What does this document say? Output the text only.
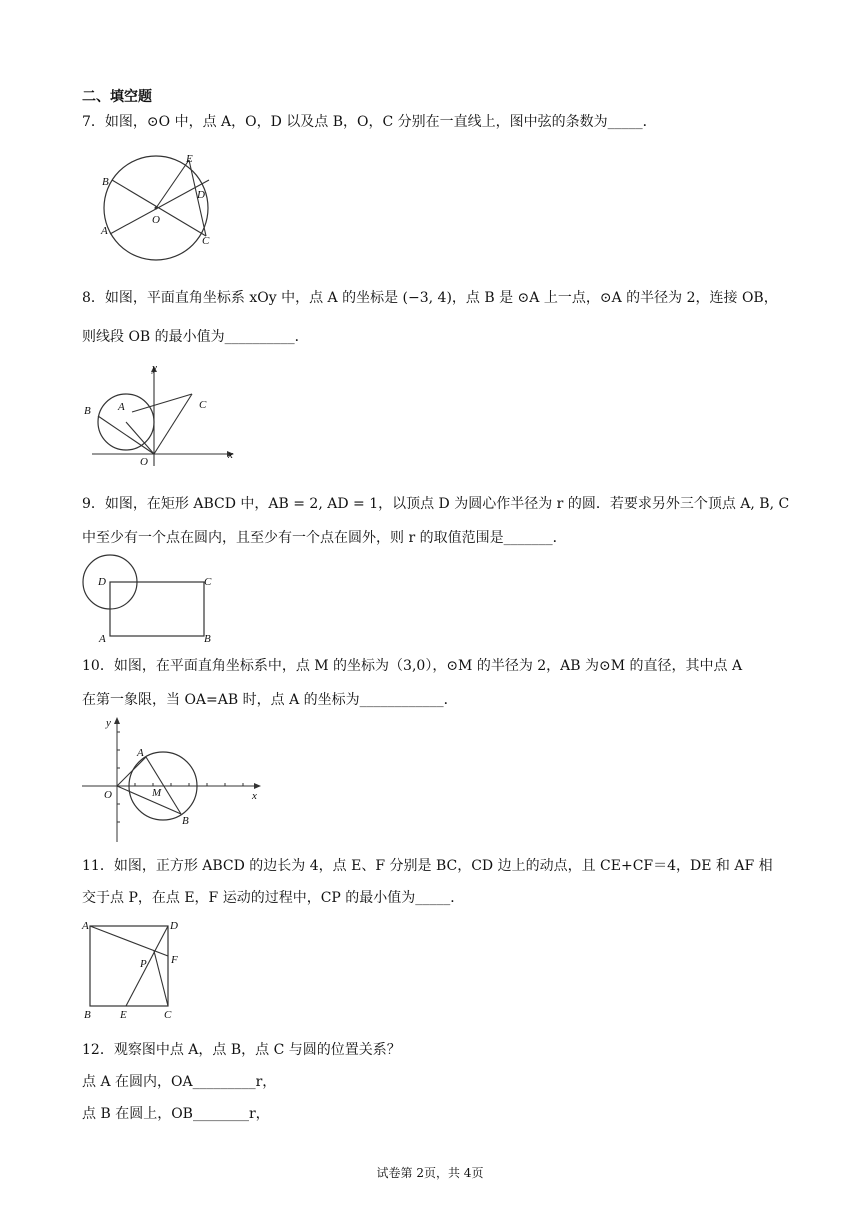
二、填空题
7．如图，⊙O 中，点 A，O，D 以及点 B，O，C 分别在一直线上，图中弦的条数为_____．
E
B
D
O
A
C
8．如图，平面直角坐标系 xOy 中，点 A 的坐标是 (−3, 4)，点 B 是 ⊙A 上一点，⊙A 的半径为 2，连接 OB，
则线段 OB 的最小值为__________．
y
B A	C
O
x
9．如图，在矩形 ABCD 中，AB = 2, AD = 1，以顶点 D 为圆心作半径为 r 的圆．若要求另外三个顶点 A, B, C
中至少有一个点在圆内，且至少有一个点在圆外，则 r 的取值范围是_______．
D	C
A	B
10．如图，在平面直角坐标系中，点 M 的坐标为（3,0），⊙M 的半径为 2，AB 为⊙M 的直径，其中点 A
在第一象限，当 OA=AB 时，点 A 的坐标为____________．
y
A
O	M	x
B
11．如图，正方形 ABCD 的边长为 4，点 E、F 分别是 BC，CD 边上的动点，且 CE+CF＝4，DE 和 AF 相
交于点 P，在点 E，F 运动的过程中，CP 的最小值为_____．
A	D
P F
B	E	C
12．观察图中点 A，点 B，点 C 与圆的位置关系？
点 A 在圆内，OA_________r，
点 B 在圆上，OB________r，
试卷第 2页，共 4页
